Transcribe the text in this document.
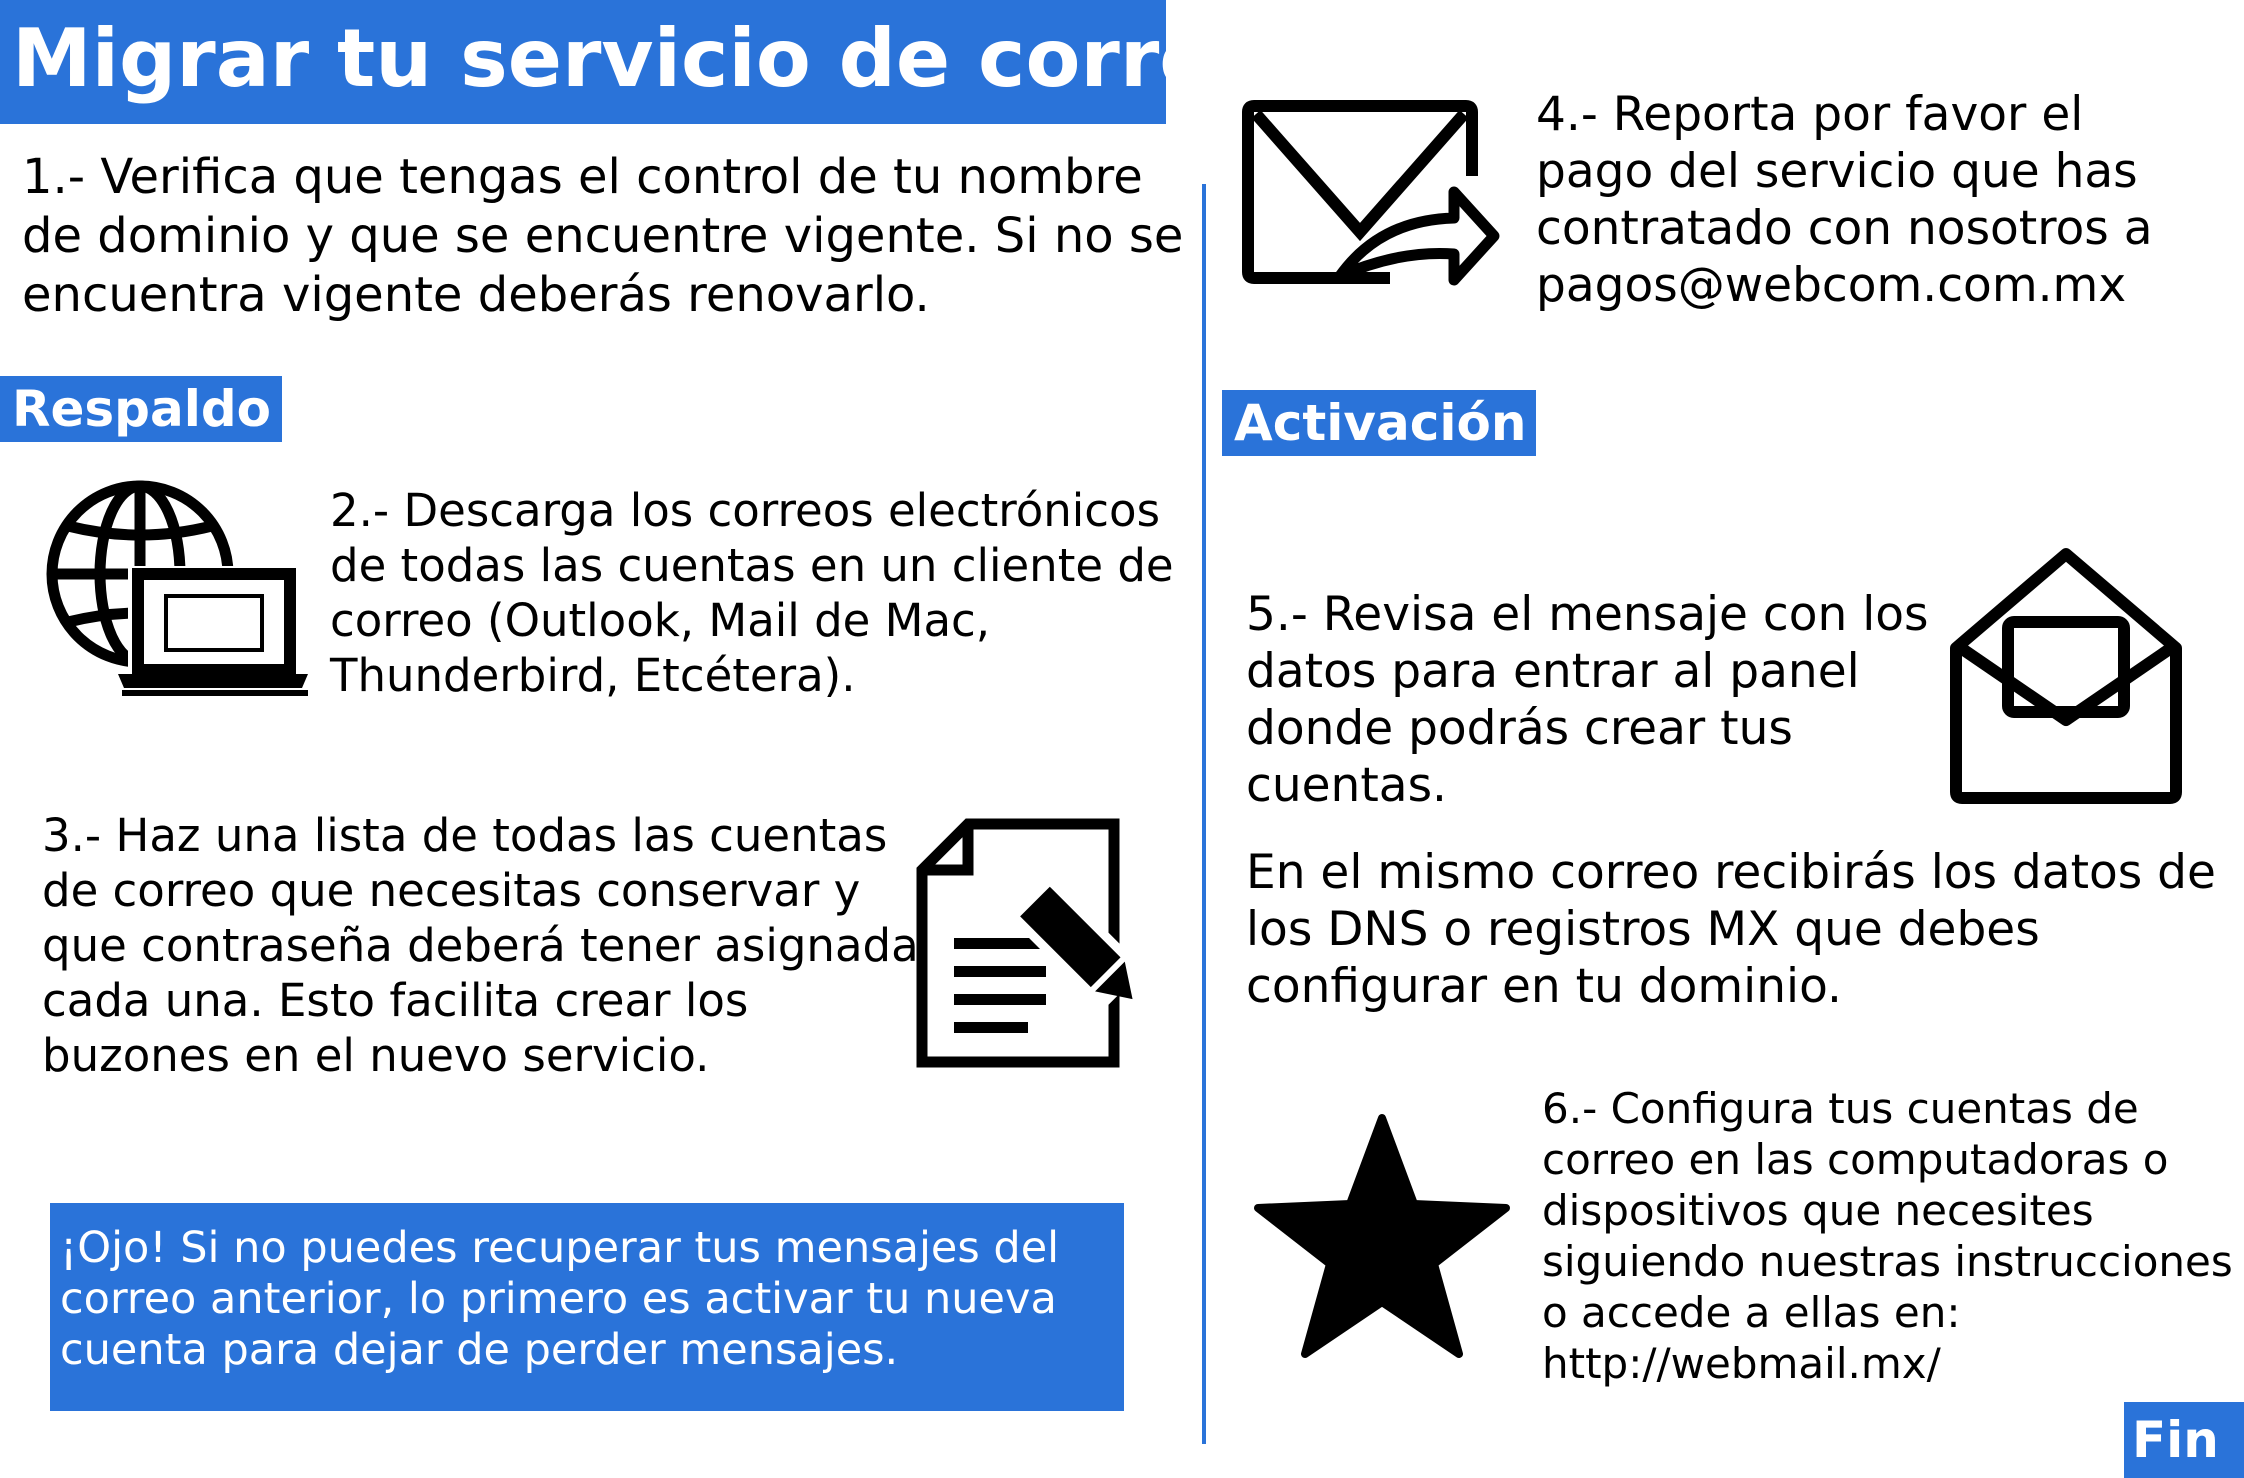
Migrar tu servicio de correo
1.- Verifica que tengas el control de tu nombre
de dominio y que se encuentre vigente. Si no se
encuentra vigente deberás renovarlo.
Respaldo
2.- Descarga los correos electrónicos
de todas las cuentas en un cliente de
correo (Outlook, Mail de Mac,
Thunderbird, Etcétera).
3.- Haz una lista de todas las cuentas
de correo que necesitas conservar y
que contraseña deberá tener asignada
cada una. Esto facilita crear los
buzones en el nuevo servicio.
¡Ojo! Si no puedes recuperar tus mensajes del
correo anterior, lo primero es activar tu nueva
cuenta para dejar de perder mensajes.
4.- Reporta por favor el
pago del servicio que has
contratado con nosotros a
pagos@webcom.com.mx
Activación
5.- Revisa el mensaje con los
datos para entrar al panel
donde podrás crear tus
cuentas.
En el mismo correo recibirás los datos de
los DNS o registros MX que debes
configurar en tu dominio.
6.- Configura tus cuentas de
correo en las computadoras o
dispositivos que necesites
siguiendo nuestras instrucciones
o accede a ellas en:
http://webmail.mx/
Fin
